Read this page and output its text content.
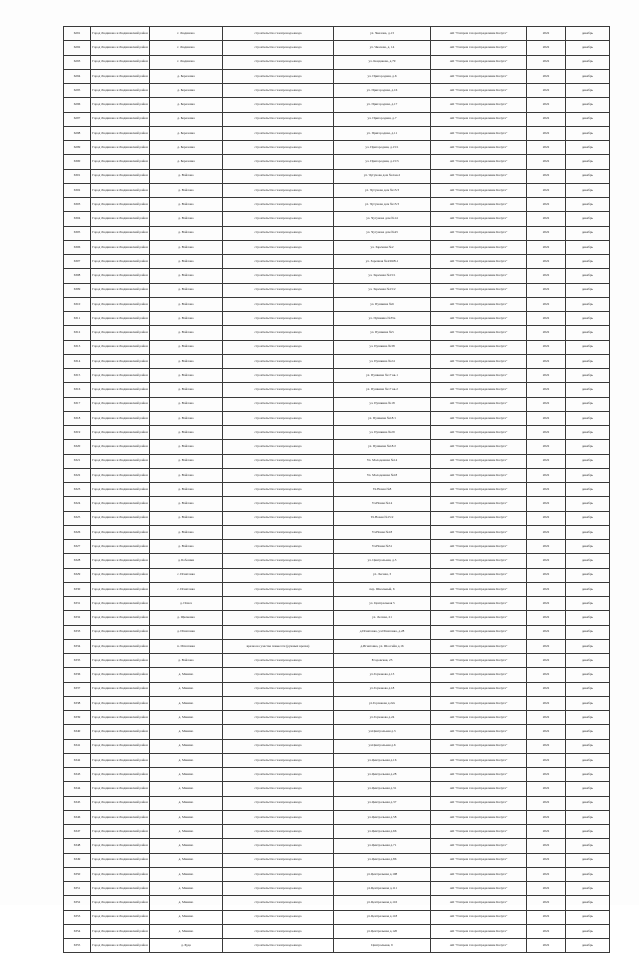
6291	Город Людиново и Людиновский район	г. Людиново	строительство газопровода-ввода	ул. Чкалова, д.13	АО "Газпром газораспределение Калуга"	2022	декабрь
6292	Город Людиново и Людиновский район	г. Людиново	строительство газопровода-ввода	ул. Чкалова, д. 14	АО "Газпром газораспределение Калуга"	2022	декабрь
6293	Город Людиново и Людиновский район	г. Людиново	строительство газопровода-ввода	ул. Кондакова, д.79	АО "Газпром газораспределение Калуга"	2022	декабрь
6294	Город Людиново и Людиновский район	д. Березовка	строительство газопровода-ввода	ул. Пригородная, д.6	АО "Газпром газораспределение Калуга"	2022	декабрь
6295	Город Людиново и Людиновский район	д. Березовка	строительство газопровода-ввода	ул. Пригородная, д.16	АО "Газпром газораспределение Калуга"	2022	декабрь
6296	Город Людиново и Людиновский район	д. Березовка	строительство газопровода-ввода	ул. Пригородная, д.17	АО "Газпром газораспределение Калуга"	2022	декабрь
6297	Город Людиново и Людиновский район	д. Березовка	строительство газопровода-ввода	ул. Пригородная, д.7	АО "Газпром газораспределение Калуга"	2022	декабрь
6298	Город Людиново и Людиновский район	д. Березовка	строительство газопровода-ввода	ул. Пригородная, д.11	АО "Газпром газораспределение Калуга"	2022	декабрь
6299	Город Людиново и Людиновский район	д. Березовка	строительство газопровода-ввода	ул. Пригородная, д.15/1	АО "Газпром газораспределение Калуга"	2022	декабрь
6300	Город Людиново и Людиновский район	д. Березовка	строительство газопровода-ввода	ул. Пригородная, д.15/3	АО "Газпром газораспределение Калуга"	2022	декабрь
6301	Город Людиново и Людиновский район	д. Войлово	строительство газопровода-ввода	ул. Чугунова дом №4 кв.2	АО "Газпром газораспределение Калуга"	2022	декабрь
6302	Город Людиново и Людиновский район	д. Войлово	строительство газопровода-ввода	ул. Чугунова дом №15/3	АО "Газпром газораспределение Калуга"	2022	декабрь
6303	Город Людиново и Людиновский район	д. Войлово	строительство газопровода-ввода	ул. Чугунова дом №15/3	АО "Газпром газораспределение Калуга"	2022	декабрь
6304	Город Людиново и Людиновский район	д. Войлово	строительство газопровода-ввода	ул. Чугунова дом №14	АО "Газпром газораспределение Калуга"	2022	декабрь
6305	Город Людиново и Людиновский район	д. Войлово	строительство газопровода-ввода	ул. Чугунова дом №43	АО "Газпром газораспределение Калуга"	2022	декабрь
6306	Город Людиново и Людиновский район	д. Войлово	строительство газопровода-ввода	ул. Заречная №2	АО "Газпром газораспределение Калуга"	2022	декабрь
6307	Город Людиново и Людиновский район	д. Войлово	строительство газопровода-ввода	ул. Заречная №4/2КВ.1	АО "Газпром газораспределение Калуга"	2022	декабрь
6308	Город Людиново и Людиновский район	д. Войлово	строительство газопровода-ввода	ул. Заречная №15/1	АО "Газпром газораспределение Калуга"	2022	декабрь
6309	Город Людиново и Людиновский район	д. Войлово	строительство газопровода-ввода	ул. Заречная №15/2	АО "Газпром газораспределение Калуга"	2022	декабрь
6310	Город Людиново и Людиновский район	д. Войлово	строительство газопровода-ввода	ул. Пушкина №6	АО "Газпром газораспределение Калуга"	2022	декабрь
6311	Город Людиново и Людиновский район	д. Войлово	строительство газопровода-ввода	ул. Пушкина №35а	АО "Газпром газораспределение Калуга"	2022	декабрь
6312	Город Людиново и Людиновский район	д. Войлово	строительство газопровода-ввода	ул. Пушкина №5	АО "Газпром газораспределение Калуга"	2022	декабрь
6313	Город Людиново и Людиновский район	д. Войлово	строительство газопровода-ввода	ул. Пушкина №38	АО "Газпром газораспределение Калуга"	2022	декабрь
6314	Город Людиново и Людиновский район	д. Войлово	строительство газопровода-ввода	ул. Пушкина №24	АО "Газпром газораспределение Калуга"	2022	декабрь
6315	Город Людиново и Людиновский район	д. Войлово	строительство газопровода-ввода	ул. Пушкина №17 кв.1	АО "Газпром газораспределение Калуга"	2022	декабрь
6316	Город Людиново и Людиновский район	д. Войлово	строительство газопровода-ввода	ул. Пушкина №17 кв.2	АО "Газпром газораспределение Калуга"	2022	декабрь
6317	Город Людиново и Людиновский район	д. Войлово	строительство газопровода-ввода	ул. Пушкина №18	АО "Газпром газораспределение Калуга"	2022	декабрь
6318	Город Людиново и Людиновский район	д. Войлово	строительство газопровода-ввода	ул. Пушкина №18/1	АО "Газпром газораспределение Калуга"	2022	декабрь
6319	Город Людиново и Людиновский район	д. Войлово	строительство газопровода-ввода	ул. Пушкина №29	АО "Газпром газораспределение Калуга"	2022	декабрь
6320	Город Людиново и Людиновский район	д. Войлово	строительство газопровода-ввода	ул. Пушкина №18/2	АО "Газпром газораспределение Калуга"	2022	декабрь
6321	Город Людиново и Людиновский район	д. Войлово	строительство газопровода-ввода	Ул. Молодежная №14	АО "Газпром газораспределение Калуга"	2022	декабрь
6322	Город Людиново и Людиновский район	д. Войлово	строительство газопровода-ввода	Ул. Молодежная №18	АО "Газпром газораспределение Калуга"	2022	декабрь
6323	Город Людиново и Людиновский район	д. Войлово	строительство газопровода-ввода	Ул.Новая №8	АО "Газпром газораспределение Калуга"	2022	декабрь
6324	Город Людиново и Людиновский район	д. Войлово	строительство газопровода-ввода	Ул.Новая №14	АО "Газпром газораспределение Калуга"	2022	декабрь
6325	Город Людиново и Людиновский район	д. Войлово	строительство газопровода-ввода	Ул.Новая №15/2	АО "Газпром газораспределение Калуга"	2022	декабрь
6326	Город Людиново и Людиновский район	д. Войлово	строительство газопровода-ввода	Ул.Новая №18	АО "Газпром газораспределение Калуга"	2022	декабрь
6327	Город Людиново и Людиновский район	д. Войлово	строительство газопровода-ввода	Ул.Новая №31	АО "Газпром газораспределение Калуга"	2022	декабрь
6328	Город Людиново и Людиновский район	д. Бобошки	строительство газопровода-ввода	ул. Центральная, д.5	АО "Газпром газораспределение Калуга"	2022	декабрь
6329	Город Людиново и Людиновский район	с. Игнатовка	строительство газопровода-ввода	ул. Лесная, 3	АО "Газпром газораспределение Калуга"	2022	декабрь
6330	Город Людиново и Людиновский район	с. Игнатовка	строительство газопровода-ввода	пер. Школьный, 6	АО "Газпром газораспределение Калуга"	2022	декабрь
6331	Город Людиново и Людиновский район	д. Псиса	строительство газопровода-ввода	ул. Центральная 5	АО "Газпром газораспределение Калуга"	2022	декабрь
6332	Город Людиново и Людиновский район	д. Щелковка	строительство газопровода-ввода	ул. Лесная, 21	АО "Газпром газораспределение Калуга"	2022	декабрь
6333	Город Людиново и Людиновский район	д. Игнатовка	строительство газопровода-ввода	д.Игнатовка, ул.Игнатовка, д.28	АО "Газпром газораспределение Калуга"	2022	декабрь
6334	Город Людиново и Людиновский район	п. Игнатовка	врезка на участке повысотн (ружных врезка)	д.Игнатовка, ул. Шоссейн д.16	АО "Газпром газораспределение Калуга"	2022	декабрь
6335	Город Людиново и Людиновский район	д. Войлово	строительство газопровода-ввода	Егоровская, 25	АО "Газпром газораспределение Калуга"	2022	декабрь
6336	Город Людиново и Людиновский район	д. Манино	строительство газопровода-ввода	ул.Горчакова д.13	АО "Газпром газораспределение Калуга"	2022	декабрь
6337	Город Людиново и Людиновский район	д. Манино	строительство газопровода-ввода	ул.Горчакова д.18	АО "Газпром газораспределение Калуга"	2022	декабрь
6338	Город Людиново и Людиновский район	д. Манино	строительство газопровода-ввода	ул.Горчакова д.22а	АО "Газпром газораспределение Калуга"	2022	декабрь
6339	Город Людиново и Людиновский район	д. Манино	строительство газопровода-ввода	ул.Горчакова д.24	АО "Газпром газораспределение Калуга"	2022	декабрь
6340	Город Людиново и Людиновский район	д. Манино	строительство газопровода-ввода	ул.Центральная д.3	АО "Газпром газораспределение Калуга"	2022	декабрь
6341	Город Людиново и Людиновский район	д. Манино	строительство газопровода-ввода	ул.Центральная д.6	АО "Газпром газораспределение Калуга"	2022	декабрь
6342	Город Людиново и Людиновский район	д. Манино	строительство газопровода-ввода	ул.Центральная д.16	АО "Газпром газораспределение Калуга"	2022	декабрь
6343	Город Людиново и Людиновский район	д. Манино	строительство газопровода-ввода	ул.Центральная д.28	АО "Газпром газораспределение Калуга"	2022	декабрь
6344	Город Людиново и Людиновский район	д. Манино	строительство газопровода-ввода	ул.Центральная д.31	АО "Газпром газораспределение Калуга"	2022	декабрь
6345	Город Людиново и Людиновский район	д. Манино	строительство газопровода-ввода	ул.Центральная д.37	АО "Газпром газораспределение Калуга"	2022	декабрь
6346	Город Людиново и Людиновский район	д. Манино	строительство газопровода-ввода	ул.Центральная д.58	АО "Газпром газораспределение Калуга"	2022	декабрь
6347	Город Людиново и Людиновский район	д. Манино	строительство газопровода-ввода	ул.Центральная д.66	АО "Газпром газораспределение Калуга"	2022	декабрь
6348	Город Людиново и Людиновский район	д. Манино	строительство газопровода-ввода	ул.Центральная д.71	АО "Газпром газораспределение Калуга"	2022	декабрь
6349	Город Людиново и Людиновский район	д. Манино	строительство газопровода-ввода	ул.Центральная д.86	АО "Газпром газораспределение Калуга"	2022	декабрь
6350	Город Людиново и Людиновский район	д. Манино	строительство газопровода-ввода	ул.Центральная д.108	АО "Газпром газораспределение Калуга"	2022	декабрь
6351	Город Людиново и Людиновский район	д. Манино	строительство газопровода-ввода	ул.Центральная д.111	АО "Газпром газораспределение Калуга"	2022	декабрь
6352	Город Людиново и Людиновский район	д. Манино	строительство газопровода-ввода	ул.Центральная д.116	АО "Газпром газораспределение Калуга"	2022	декабрь
6353	Город Людиново и Людиновский район	д. Манино	строительство газопровода-ввода	ул.Центральная д.118	АО "Газпром газораспределение Калуга"	2022	декабрь
6354	Город Людиново и Людиновский район	д. Манино	строительство газопровода-ввода	ул.Центральная д.120	АО "Газпром газораспределение Калуга"	2022	декабрь
6355	Город Людиново и Людиновский район	д. Буда	строительство газопровода-ввода	Центральная, 9	АО "Газпром газораспределение Калуга"	2022	декабрь
